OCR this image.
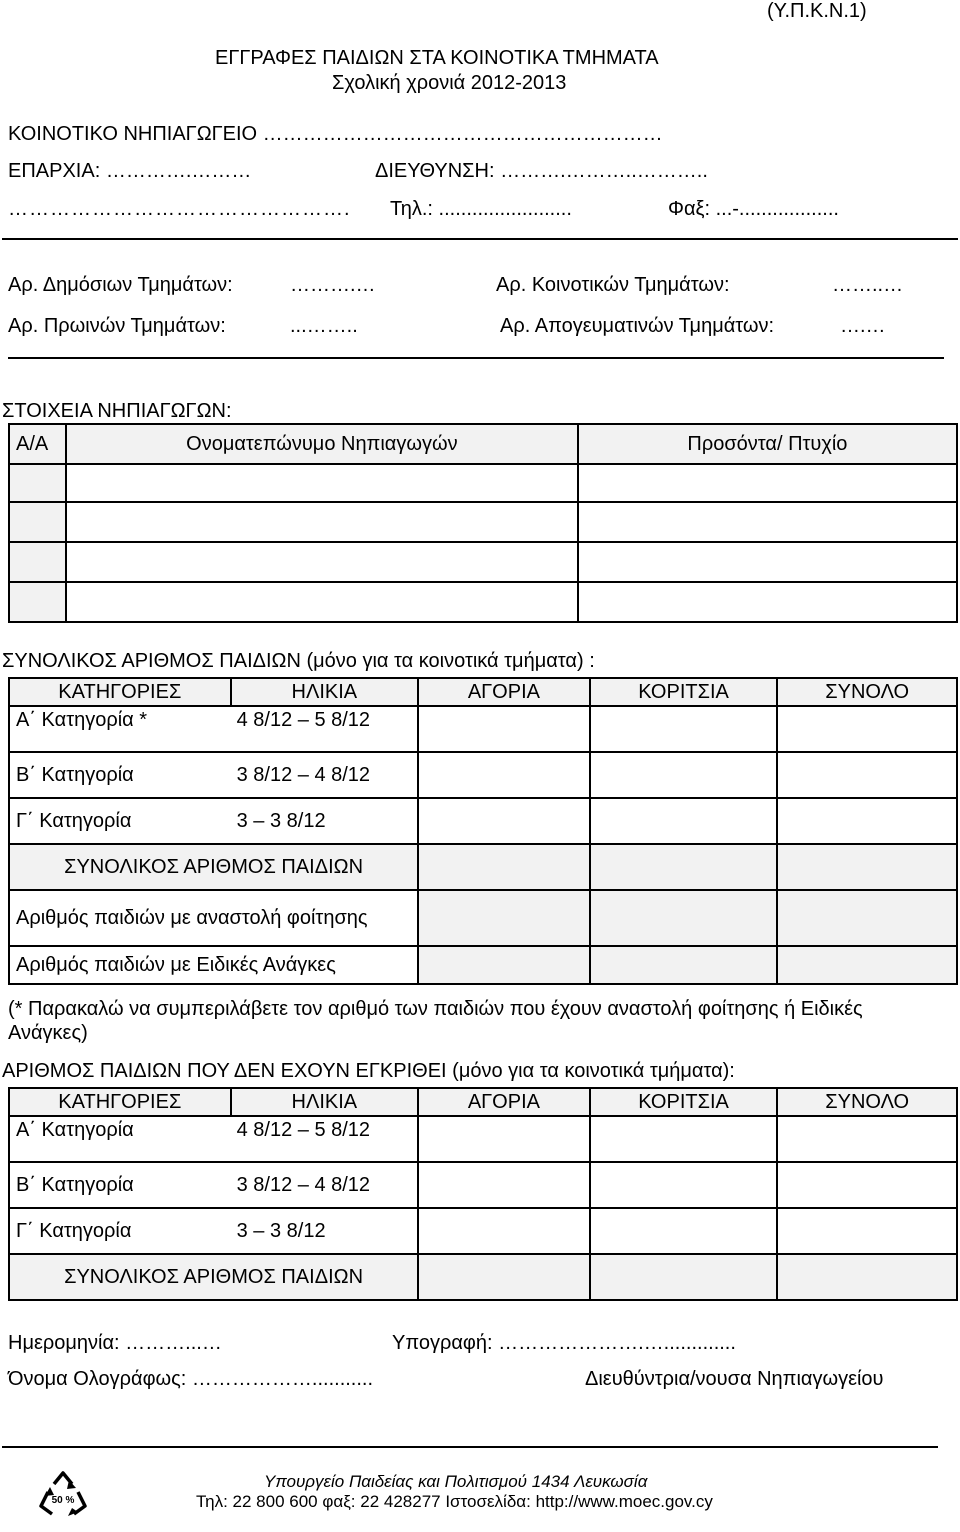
(Υ.Π.Κ.Ν.1)
ΕΓΓΡΑΦΕΣ ΠΑΙΔΙΩΝ ΣΤΑ ΚΟΙΝΟΤΙΚΑ ΤΜΗΜΑΤΑ
Σχολική χρονιά 2012-2013
ΚΟΙΝΟΤΙΚΟ ΝΗΠΙΑΓΩΓΕΙΟ ……………………………………………………
ΕΠΑΡΧΙΑ: ………….………	ΔΙΕΥΘΥΝΣΗ: ……….………..………..
…………………………………………. Τηλ.: ........................	Φαξ: ...-..................
Αρ. Δημόσιων Τμημάτων:	……….…	Αρ. Κοινοτικών Τμημάτων:	……..…
Αρ. Πρωινών Τμημάτων:	...……..	Αρ. Απογευματινών Τμημάτων:	….…
ΣΤΟΙΧΕΙΑ ΝΗΠΙΑΓΩΓΩΝ:
Α/Α	Ονοματεπώνυμο Νηπιαγωγών	Προσόντα/ Πτυχίο

ΣΥΝΟΛΙΚΟΣ ΑΡΙΘΜΟΣ ΠΑΙΔΙΩΝ (μόνο για τα κοινοτικά τμήματα) :
ΚΑΤΗΓΟΡΙΕΣ	ΗΛΙΚΙΑ	ΑΓΟΡΙΑ	ΚΟΡΙΤΣΙΑ	ΣΥΝΟΛΟ
Α΄ Κατηγορία *	4 8/12 – 5 8/12			
Β΄ Κατηγορία	3 8/12 – 4 8/12			
Γ΄ Κατηγορία	3 – 3 8/12			
ΣΥΝΟΛΙΚΟΣ ΑΡΙΘΜΟΣ ΠΑΙΔΙΩΝ				
Αριθμός παιδιών με αναστολή φοίτησης				
Αριθμός παιδιών με Ειδικές Ανάγκες				
(* Παρακαλώ να συμπεριλάβετε τον αριθμό των παιδιών που έχουν αναστολή φοίτησης ή Ειδικές Ανάγκες)
ΑΡΙΘΜΟΣ ΠΑΙΔΙΩΝ ΠΟΥ ΔΕΝ ΕΧΟΥΝ ΕΓΚΡΙΘΕΙ (μόνο για τα κοινοτικά τμήματα):
ΚΑΤΗΓΟΡΙΕΣ	ΗΛΙΚΙΑ	ΑΓΟΡΙΑ	ΚΟΡΙΤΣΙΑ	ΣΥΝΟΛΟ
Α΄ Κατηγορία	4 8/12 – 5 8/12			
Β΄ Κατηγορία	3 8/12 – 4 8/12			
Γ΄ Κατηγορία	3 – 3 8/12			
ΣΥΝΟΛΙΚΟΣ ΑΡΙΘΜΟΣ ΠΑΙΔΙΩΝ				
Ημερομηνία: ………...…	Υπογραφή: ………………….….............
Όνομα Ολογράφως: ………………...........	Διευθύντρια/νουσα Νηπιαγωγείου
50 %
Υπουργείο Παιδείας και Πολιτισμού 1434 Λευκωσία
Τηλ: 22 800 600 φαξ: 22 428277 Ιστοσελίδα: http://www.moec.gov.cy
